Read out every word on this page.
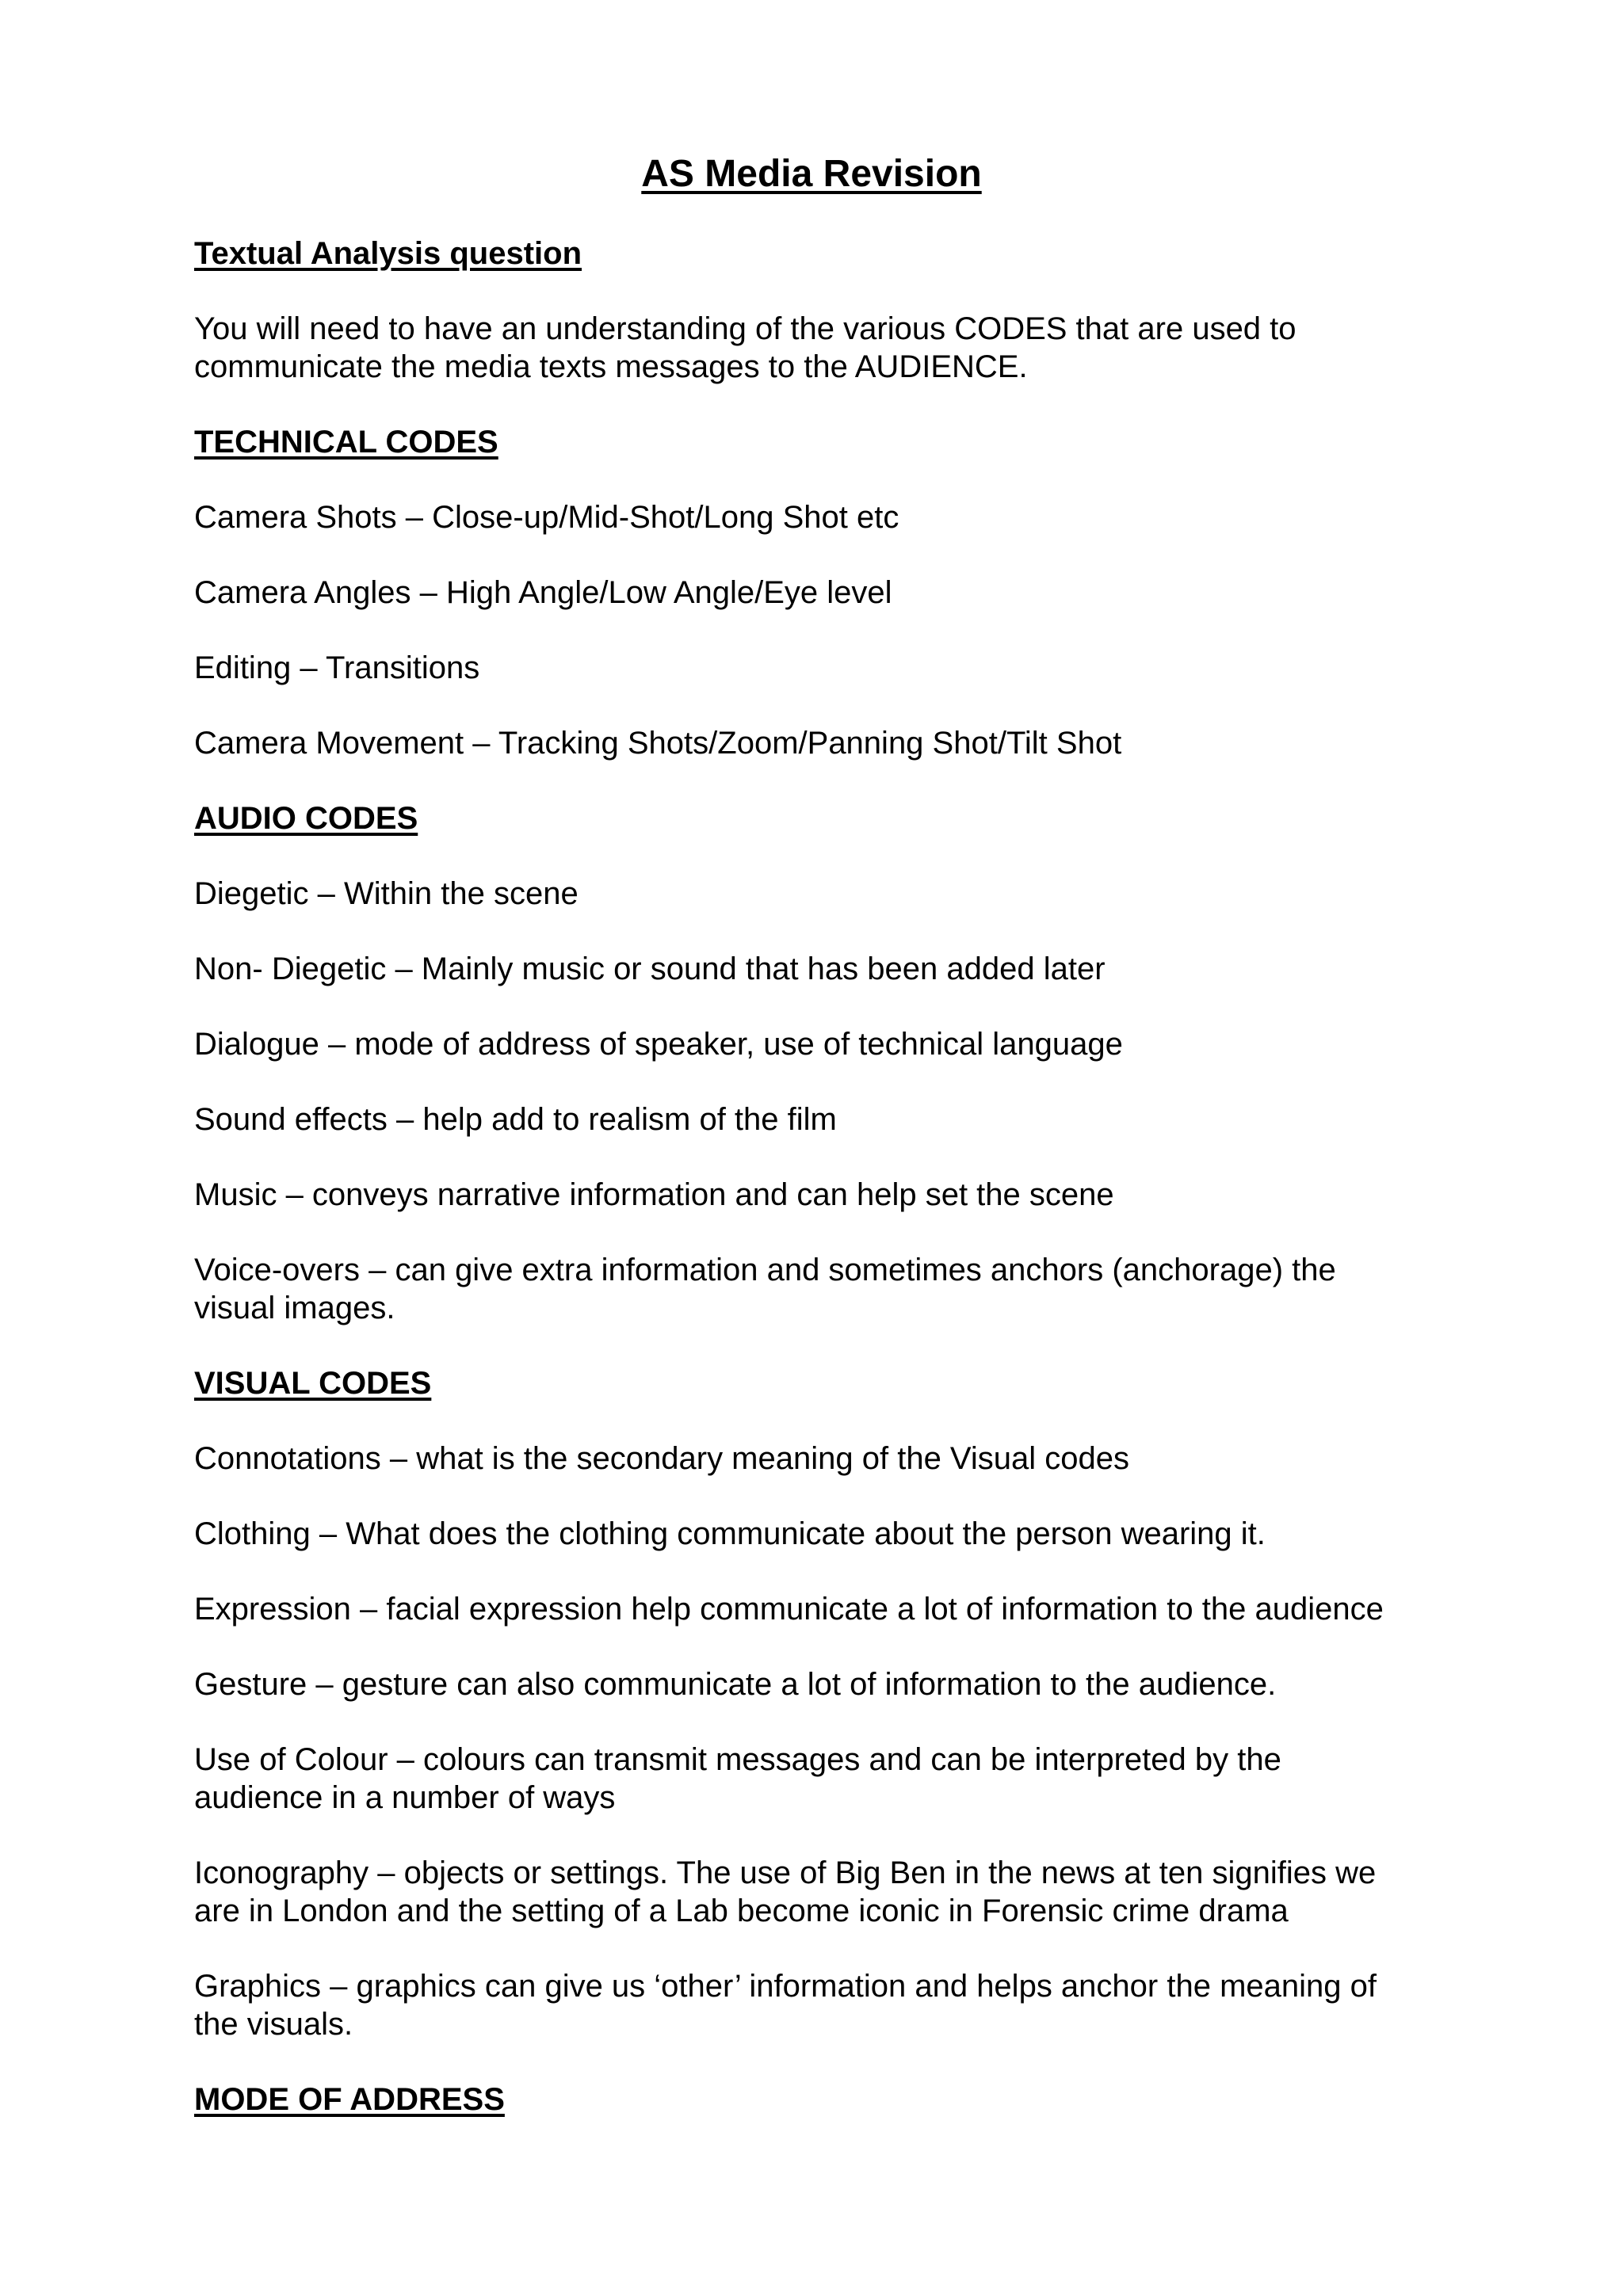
AS Media Revision

Textual Analysis question

You will need to have an understanding of the various CODES that are used to
communicate the media texts messages to the AUDIENCE.

TECHNICAL CODES

Camera Shots – Close-up/Mid-Shot/Long Shot etc

Camera Angles – High Angle/Low Angle/Eye level

Editing – Transitions

Camera Movement – Tracking Shots/Zoom/Panning Shot/Tilt Shot

AUDIO CODES

Diegetic – Within the scene

Non- Diegetic – Mainly music or sound that has been added later

Dialogue – mode of address of speaker, use of technical language

Sound effects – help add to realism of the film

Music – conveys narrative information and can help set the scene

Voice-overs – can give extra information and sometimes anchors (anchorage) the
visual images.

VISUAL CODES

Connotations – what is the secondary meaning of the Visual codes

Clothing – What does the clothing communicate about the person wearing it.

Expression – facial expression help communicate a lot of information to the audience

Gesture – gesture can also communicate a lot of information to the audience.

Use of Colour – colours can transmit messages and can be interpreted by the
audience in a number of ways

Iconography – objects or settings. The use of Big Ben in the news at ten signifies we
are in London and the setting of a Lab become iconic in Forensic crime drama

Graphics – graphics can give us ‘other’ information and helps anchor the meaning of
the visuals.

MODE OF ADDRESS
